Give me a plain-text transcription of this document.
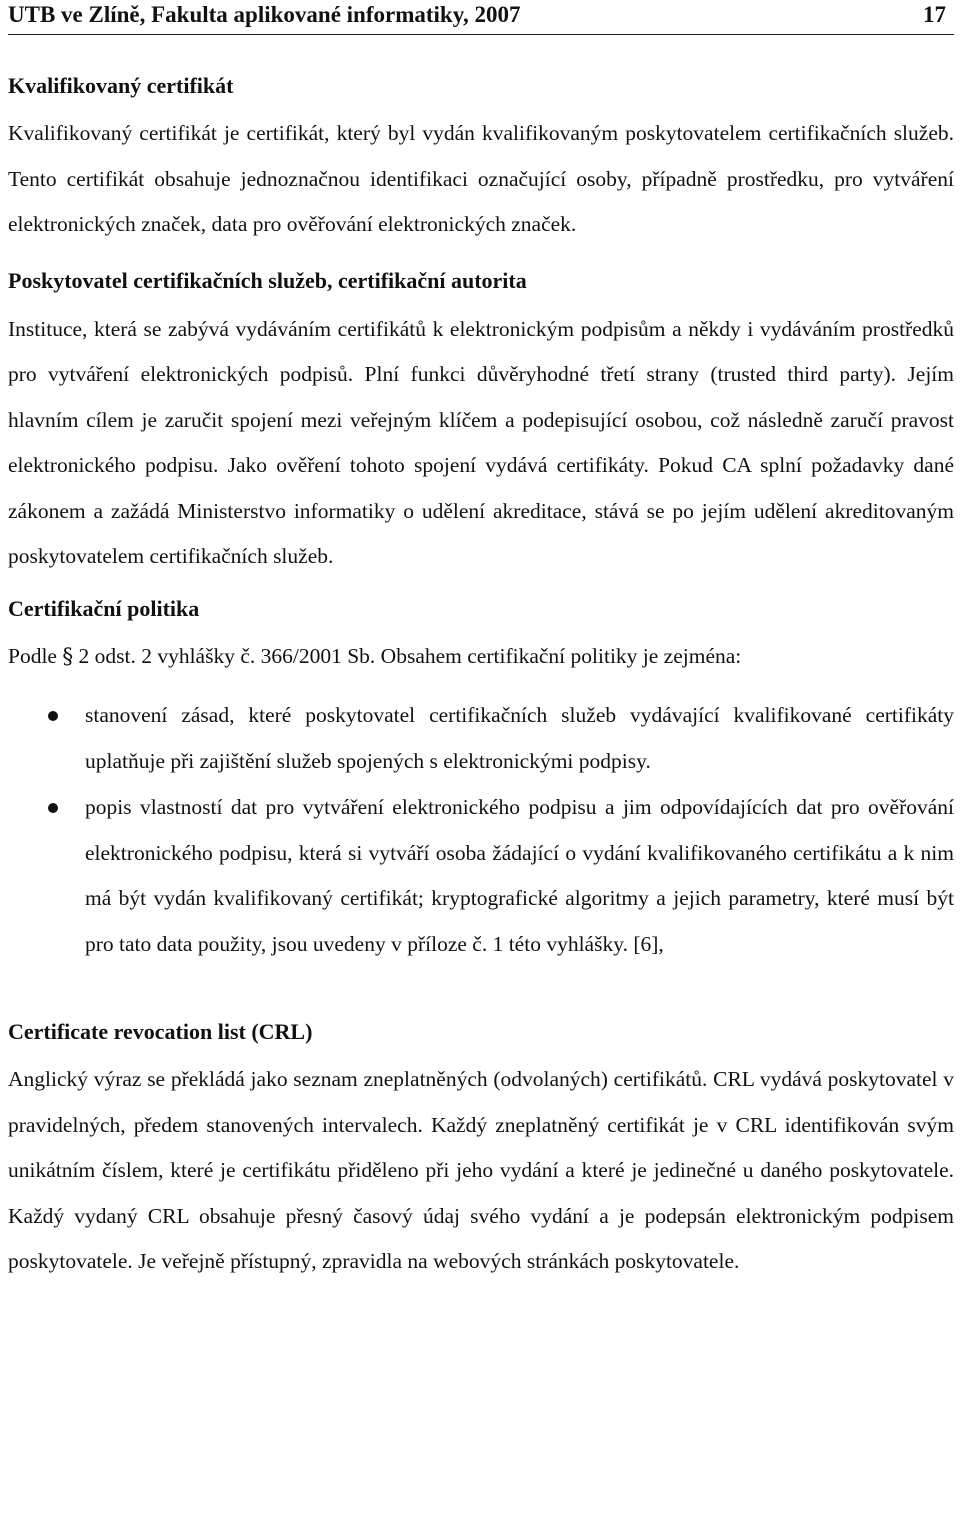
UTB ve Zlíně, Fakulta aplikované informatiky, 2007	17
Kvalifikovaný certifikát

Kvalifikovaný certifikát je certifikát, který byl vydán kvalifikovaným poskytovatelem certifikačních služeb. Tento certifikát obsahuje jednoznačnou identifikaci označující osoby, případně prostředku, pro vytváření elektronických značek, data pro ověřování elektronických značek.

Poskytovatel certifikačních služeb, certifikační autorita

Instituce, která se zabývá vydáváním certifikátů k elektronickým podpisům a někdy i vydáváním prostředků pro vytváření elektronických podpisů. Plní funkci důvěryhodné třetí strany (trusted third party). Jejím hlavním cílem je zaručit spojení mezi veřejným klíčem a podepisující osobou, což následně zaručí pravost elektronického podpisu. Jako ověření tohoto spojení vydává certifikáty. Pokud CA splní požadavky dané zákonem a zažádá Ministerstvo informatiky o udělení akreditace, stává se po jejím udělení akreditovaným poskytovatelem certifikačních služeb.

Certifikační politika

Podle § 2 odst. 2 vyhlášky č. 366/2001 Sb. Obsahem certifikační politiky je zejména:

stanovení zásad, které poskytovatel certifikačních služeb vydávající kvalifikované certifikáty uplatňuje při zajištění služeb spojených s elektronickými podpisy.
popis vlastností dat pro vytváření elektronického podpisu a jim odpovídajících dat pro ověřování elektronického podpisu, která si vytváří osoba žádající o vydání kvalifikovaného certifikátu a k nim má být vydán kvalifikovaný certifikát; kryptografické algoritmy a jejich parametry, které musí být pro tato data použity, jsou uvedeny v příloze č. 1 této vyhlášky. [6],
Certificate revocation list (CRL)

Anglický výraz se překládá jako seznam zneplatněných (odvolaných) certifikátů. CRL vydává poskytovatel v pravidelných, předem stanovených intervalech. Každý zneplatněný certifikát je v CRL identifikován svým unikátním číslem, které je certifikátu přiděleno při jeho vydání a které je jedinečné u daného poskytovatele. Každý vydaný CRL obsahuje přesný časový údaj svého vydání a je podepsán elektronickým podpisem poskytovatele. Je veřejně přístupný, zpravidla na webových stránkách poskytovatele.
